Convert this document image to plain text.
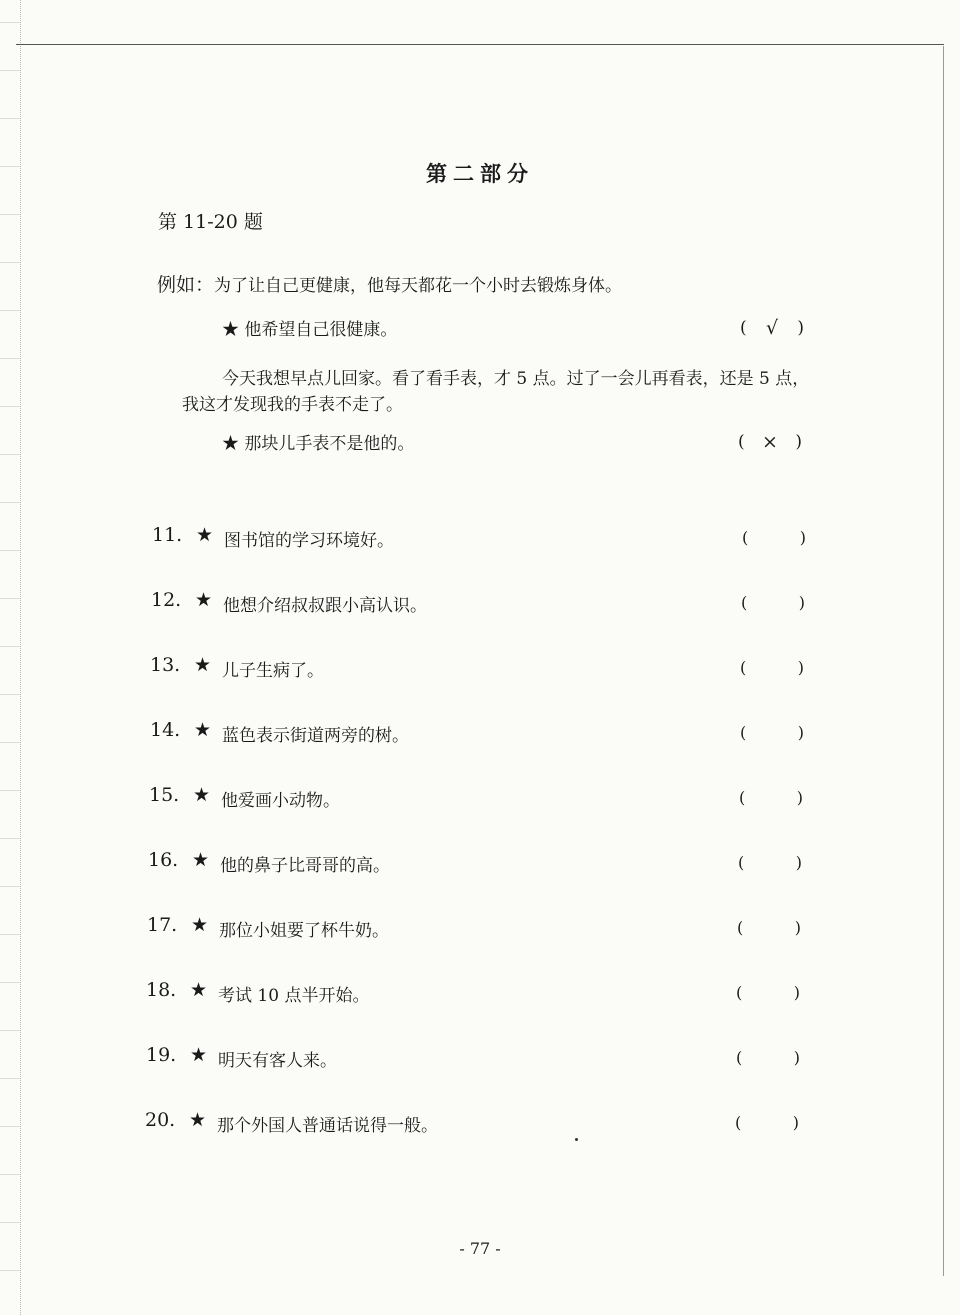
第二部分
第 11-20 题
例如：为了让自己更健康，他每天都花一个小时去锻炼身体。
★ 他希望自己很健康。	(	√	)
今天我想早点儿回家。看了看手表，才 5 点。过了一会儿再看表，还是 5 点，我这才发现我的手表不走了。
★ 那块儿手表不是他的。	( ×	)
11. ★ 图书馆的学习环境好。	(	)
12. ★ 他想介绍叔叔跟小高认识。	(	)
13. ★ 儿子生病了。	(	)
14. ★ 蓝色表示街道两旁的树。	(	)
15. ★ 他爱画小动物。	(	)
16. ★ 他的鼻子比哥哥的高。	(	)
17. ★ 那位小姐要了杯牛奶。	(	)
18. ★ 考试 10 点半开始。	(	)
19. ★ 明天有客人来。	(	)
20. ★ 那个外国人普通话说得一般。	(	)
- 77 -
